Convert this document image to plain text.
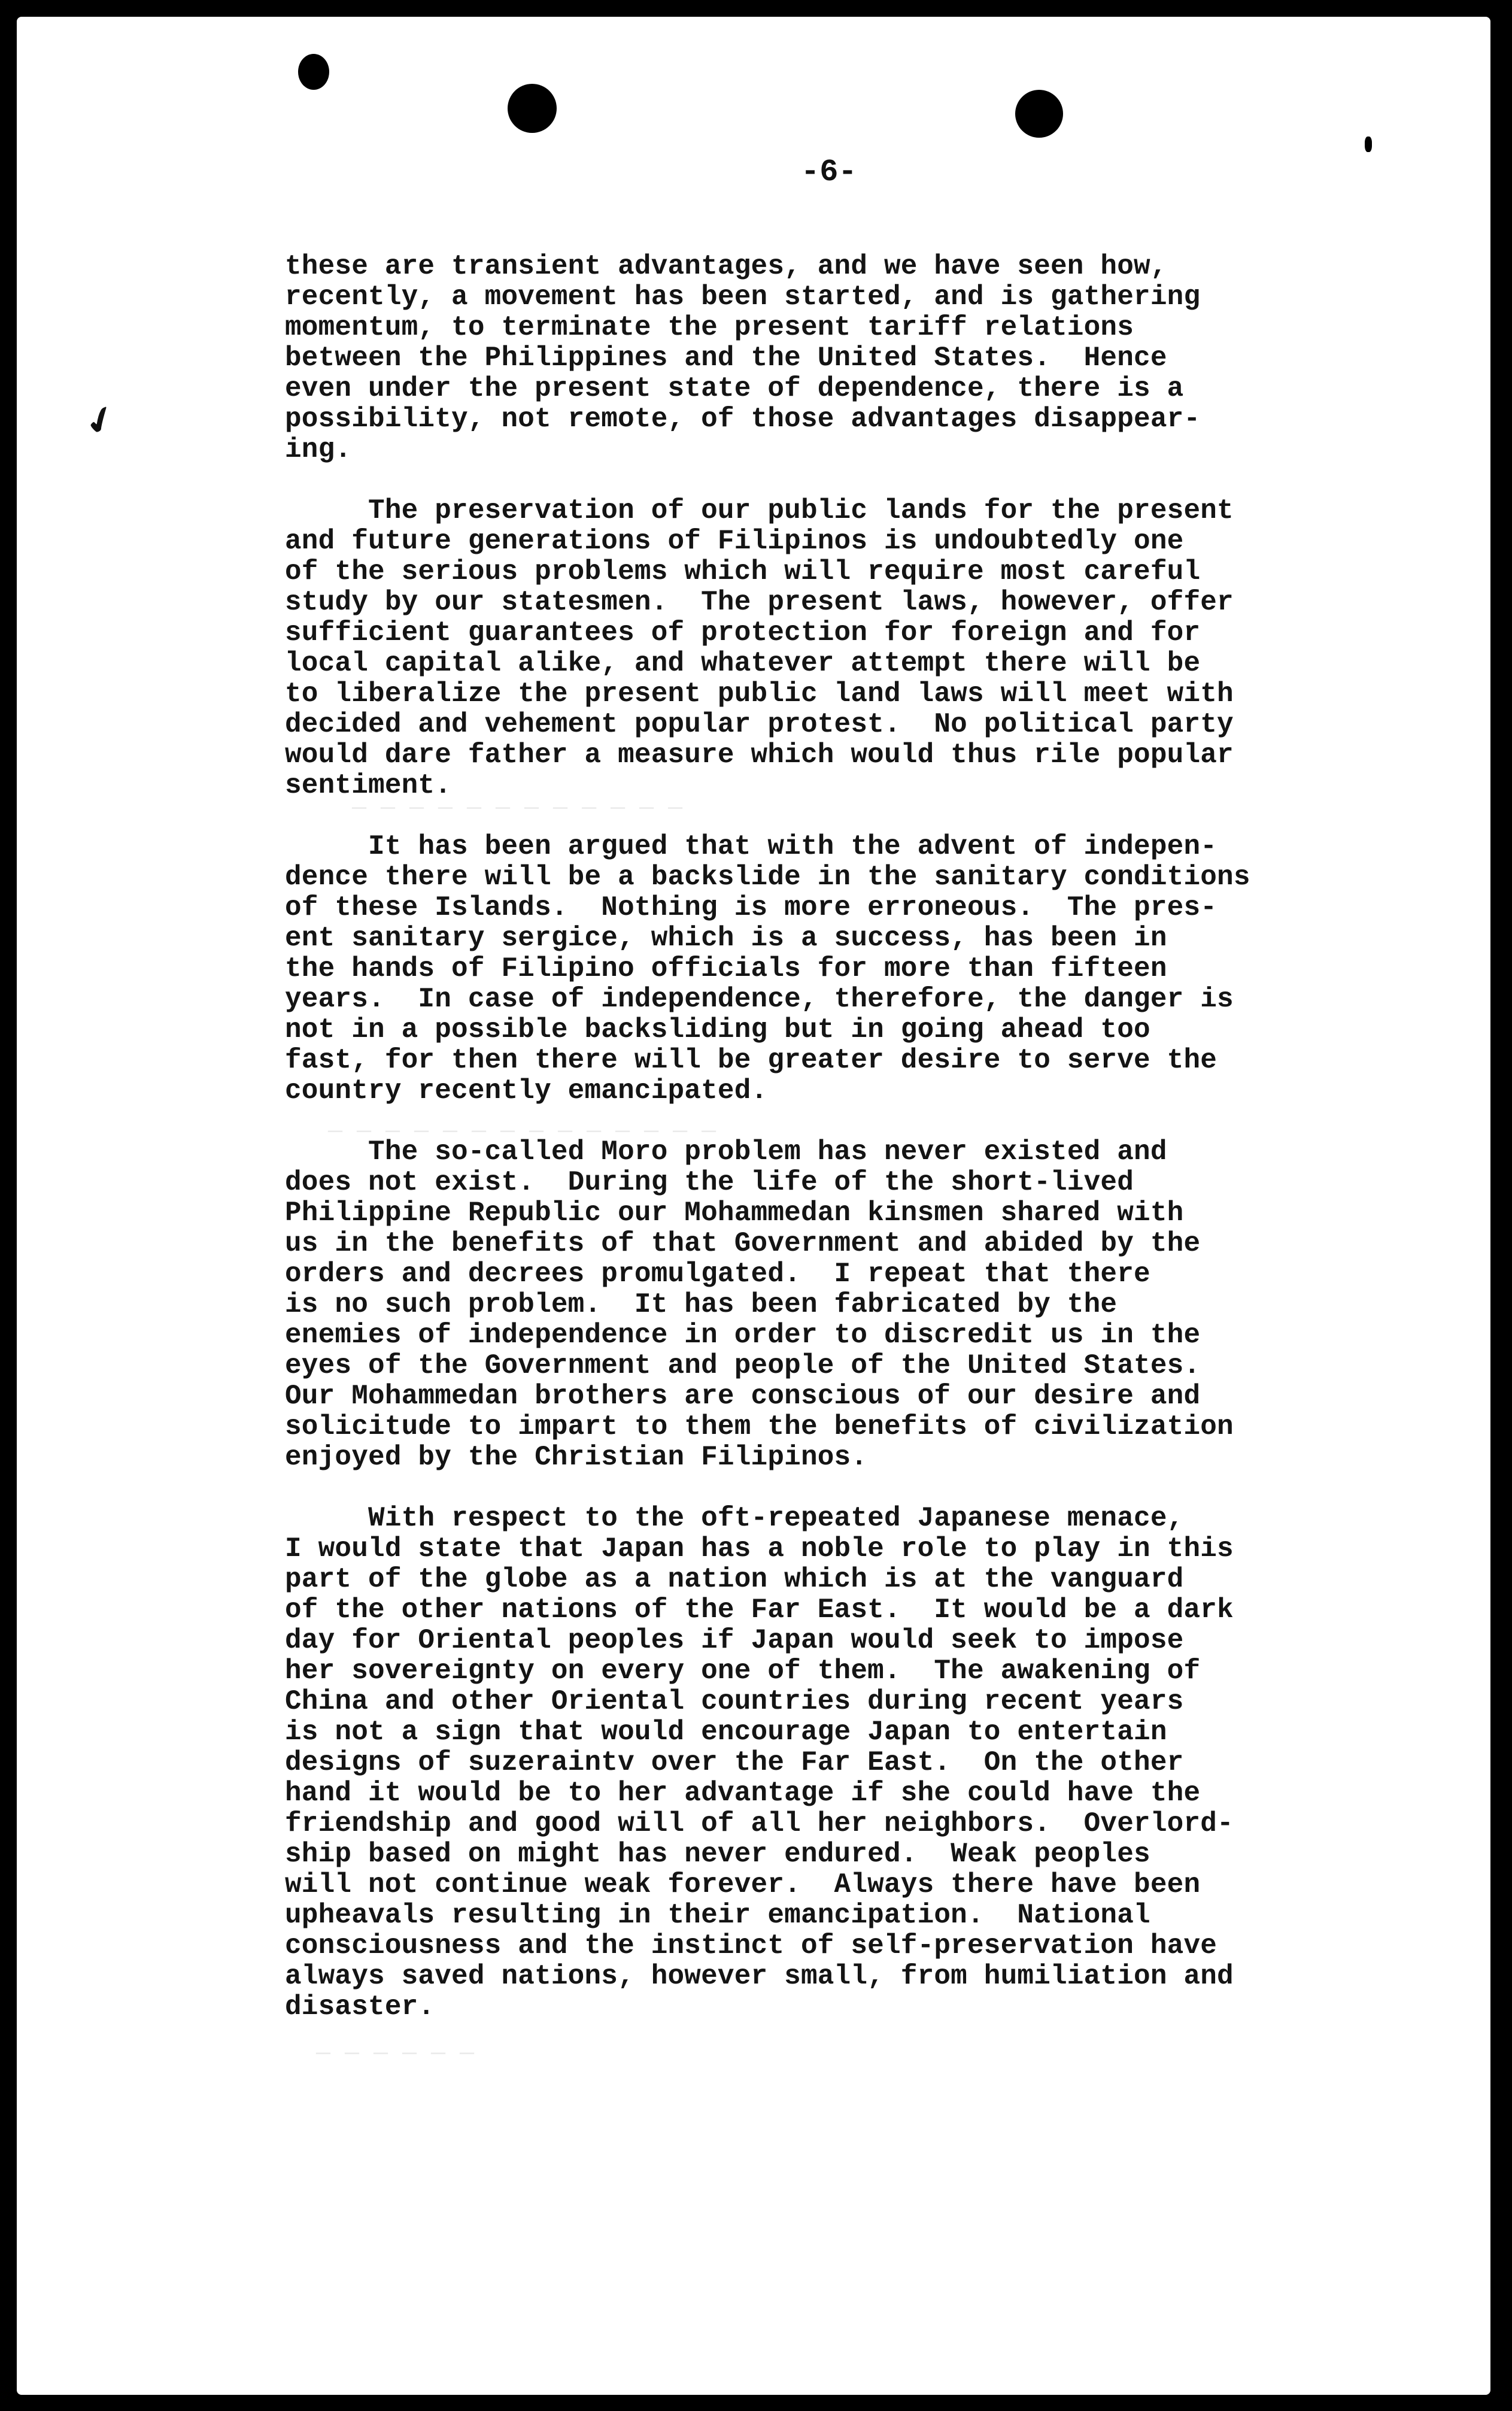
✔

-6-

— — — — — — — — — — — —
— — — — — — — — — — — — — —
— — — — — —

these are transient advantages, and we have seen how,
recently, a movement has been started, and is gathering
momentum, to terminate the present tariff relations
between the Philippines and the United States.  Hence
even under the present state of dependence, there is a
possibility, not remote, of those advantages disappear-
ing.

The preservation of our public lands for the present
and future generations of Filipinos is undoubtedly one
of the serious problems which will require most careful
study by our statesmen.  The present laws, however, offer
sufficient guarantees of protection for foreign and for
local capital alike, and whatever attempt there will be
to liberalize the present public land laws will meet with
decided and vehement popular protest.  No political party
would dare father a measure which would thus rile popular
sentiment.

It has been argued that with the advent of indepen-
dence there will be a backslide in the sanitary conditions
of these Islands.  Nothing is more erroneous.  The pres-
ent sanitary sergice, which is a success, has been in
the hands of Filipino officials for more than fifteen
years.  In case of independence, therefore, the danger is
not in a possible backsliding but in going ahead too
fast, for then there will be greater desire to serve the
country recently emancipated.

The so-called Moro problem has never existed and
does not exist.  During the life of the short-lived
Philippine Republic our Mohammedan kinsmen shared with
us in the benefits of that Government and abided by the
orders and decrees promulgated.  I repeat that there
is no such problem.  It has been fabricated by the
enemies of independence in order to discredit us in the
eyes of the Government and people of the United States.
Our Mohammedan brothers are conscious of our desire and
solicitude to impart to them the benefits of civilization
enjoyed by the Christian Filipinos.

With respect to the oft-repeated Japanese menace,
I would state that Japan has a noble role to play in this
part of the globe as a nation which is at the vanguard
of the other nations of the Far East.  It would be a dark
day for Oriental peoples if Japan would seek to impose
her sovereignty on every one of them.  The awakening of
China and other Oriental countries during recent years
is not a sign that would encourage Japan to entertain
designs of suzeraintv over the Far East.  On the other
hand it would be to her advantage if she could have the
friendship and good will of all her neighbors.  Overlord-
ship based on might has never endured.  Weak peoples
will not continue weak forever.  Always there have been
upheavals resulting in their emancipation.  National
consciousness and the instinct of self-preservation have
always saved nations, however small, from humiliation and
disaster.
